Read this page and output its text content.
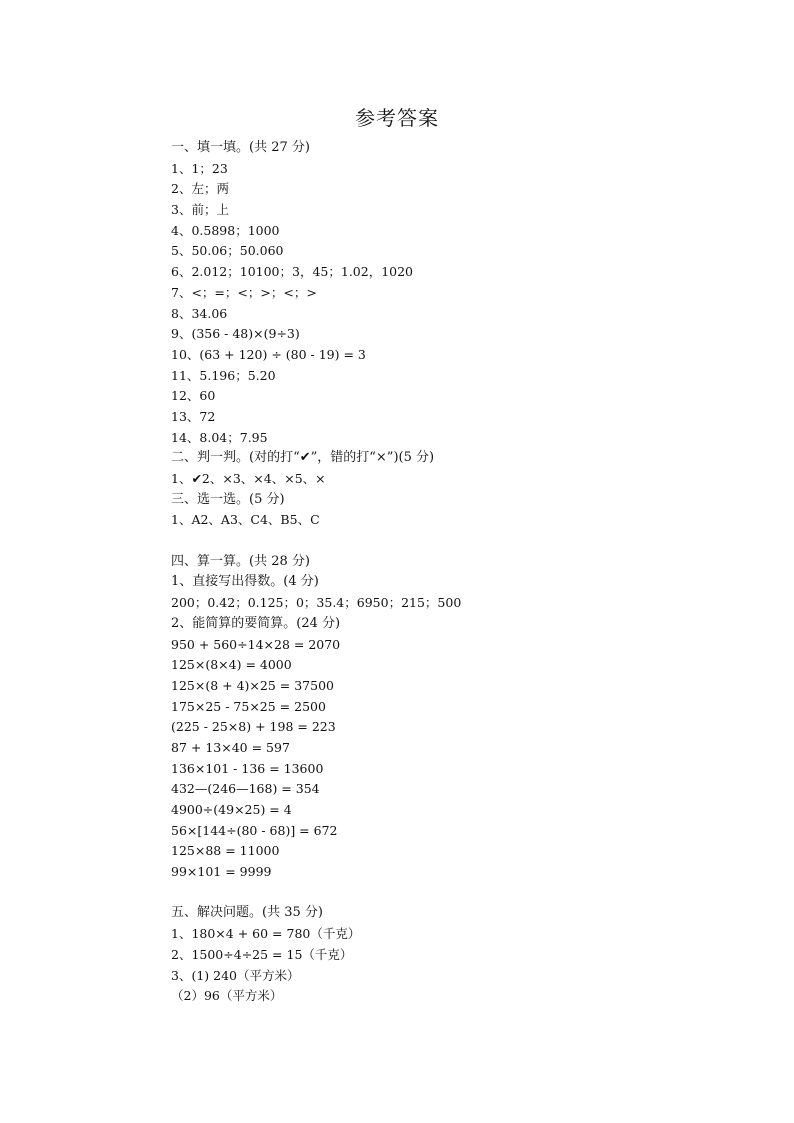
参考答案
一、填一填。(共 27 分)
1、1；23
2、左；两
3、前；上
4、0.5898；1000
5、50.06；50.060
6、2.012；10100；3，45；1.02，1020
7、<；=；<；>；<；>
8、34.06
9、(356 - 48)×(9÷3)
10、(63 + 120) ÷ (80 - 19) = 3
11、5.196；5.20
12、60
13、72
14、8.04；7.95
二、判一判。(对的打“✔”，错的打“×”)(5 分)
1、✔2、×3、×4、×5、×
三、选一选。(5 分)
1、A2、A3、C4、B5、C
四、算一算。(共 28 分)
1、直接写出得数。(4 分)
200；0.42；0.125；0；35.4；6950；215；500
2、能简算的要简算。(24 分)
950 + 560÷14×28 = 2070
125×(8×4) = 4000
125×(8 + 4)×25 = 37500
175×25 - 75×25 = 2500
(225 - 25×8) + 198 = 223
87 + 13×40 = 597
136×101 - 136 = 13600
432—(246—168) = 354
4900÷(49×25) = 4
56×[144÷(80 - 68)] = 672
125×88 = 11000
99×101 = 9999
五、解决问题。(共 35 分)
1、180×4 + 60 = 780（千克）
2、1500÷4÷25 = 15（千克）
3、(1) 240（平方米）
（2）96（平方米）
